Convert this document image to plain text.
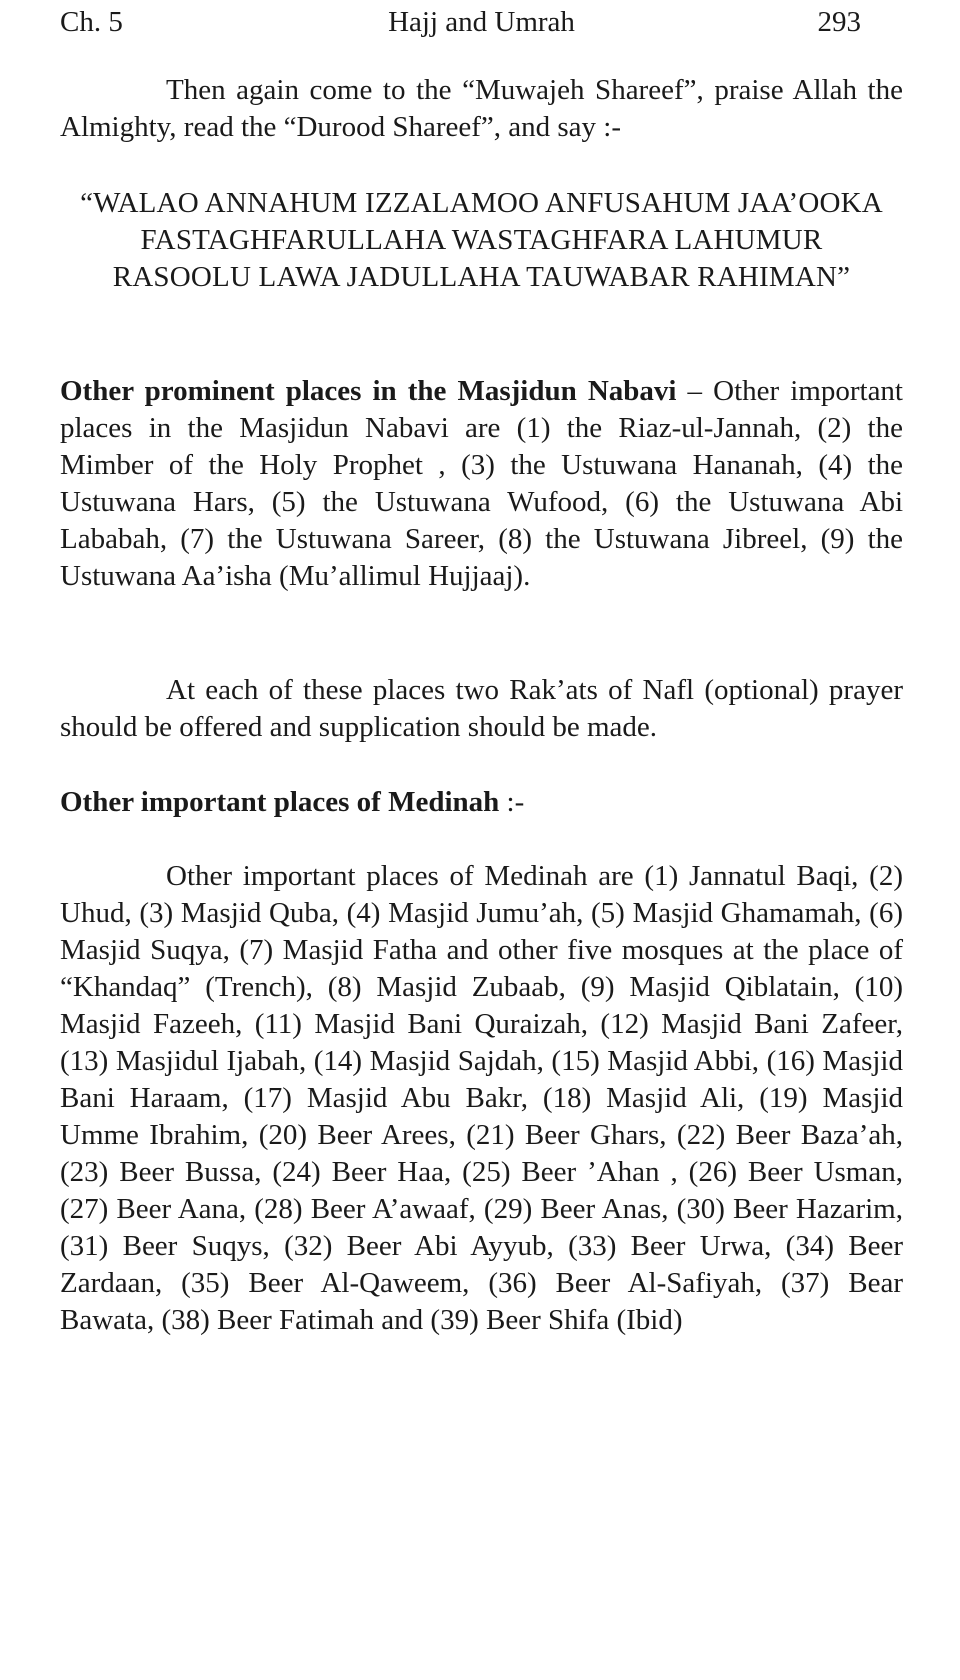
Ch. 5	Hajj and Umrah	293

Then again come to the “Muwajeh Shareef”, praise Allah the Almighty, read the “Durood Shareef”, and say :-

“WALAO ANNAHUM IZZALAMOO ANFUSAHUM JAA’OOKA FASTAGHFARULLAHA WASTAGHFARA LAHUMUR RASOOLU LAWA JADULLAHA TAUWABAR RAHIMAN”

Other prominent places in the Masjidun Nabavi – Other important places in the Masjidun Nabavi are (1) the Riaz-ul-Jannah, (2) the Mimber of the Holy Prophet , (3) the Ustuwana Hananah, (4) the Ustuwana Hars, (5) the Ustuwana Wufood, (6) the Ustuwana Abi Lababah, (7) the Ustuwana Sareer, (8) the Ustuwana Jibreel, (9) the Ustuwana Aa’isha (Mu’allimul Hujjaaj).

At each of these places two Rak’ats of Nafl (optional) prayer should be offered and supplication should be made.

Other important places of Medinah :-

Other important places of Medinah are (1) Jannatul Baqi, (2) Uhud, (3) Masjid Quba, (4) Masjid Jumu’ah, (5) Masjid Ghamamah, (6) Masjid Suqya, (7) Masjid Fatha and other five mosques at the place of “Khandaq” (Trench), (8) Masjid Zubaab, (9) Masjid Qiblatain, (10) Masjid Fazeeh, (11) Masjid Bani Quraizah, (12) Masjid Bani Zafeer, (13) Masjidul Ijabah, (14) Masjid Sajdah, (15) Masjid Abbi, (16) Masjid Bani Haraam, (17) Masjid Abu Bakr, (18) Masjid Ali, (19) Masjid Umme Ibrahim, (20) Beer Arees, (21) Beer Ghars, (22) Beer Baza’ah, (23) Beer Bussa, (24) Beer Haa, (25) Beer ’Ahan , (26) Beer Usman, (27) Beer Aana, (28) Beer A’awaaf, (29) Beer Anas, (30) Beer Hazarim, (31) Beer Suqys, (32) Beer Abi Ayyub, (33) Beer Urwa, (34) Beer Zardaan, (35) Beer Al-Qaweem, (36) Beer Al-Safiyah, (37) Bear Bawata, (38) Beer Fatimah and (39) Beer Shifa (Ibid)
